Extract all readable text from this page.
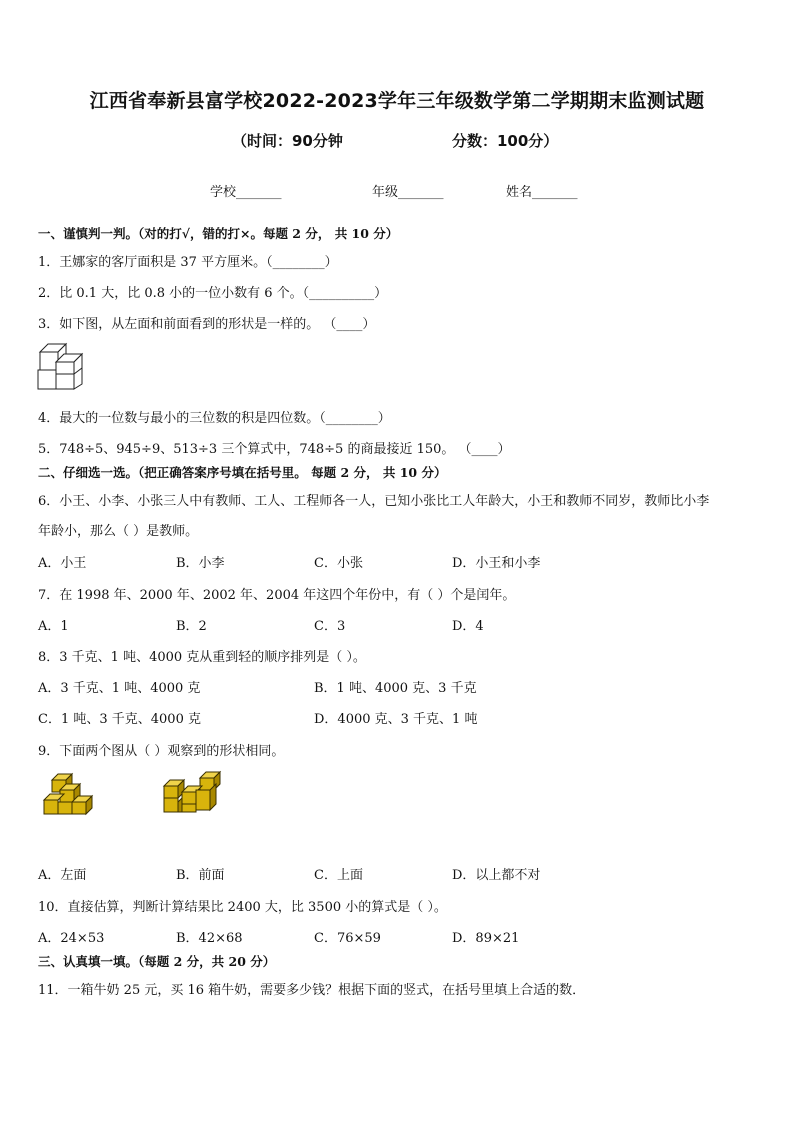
江西省奉新县富学校2022-2023学年三年级数学第二学期期末监测试题
（时间：90分钟	分数：100分）
学校_______	年级_______	姓名_______
一、谨慎判一判。（对的打√，错的打×。每题 2 分， 共 10 分）
1．王娜家的客厅面积是 37 平方厘米。（________）
2．比 0.1 大，比 0.8 小的一位小数有 6 个。（__________）
3．如下图，从左面和前面看到的形状是一样的。 （____）
4．最大的一位数与最小的三位数的积是四位数。（________）
5．748÷5、945÷9、513÷3 三个算式中，748÷5 的商最接近 150。 （____）
二、仔细选一选。（把正确答案序号填在括号里。 每题 2 分， 共 10 分）
6．小王、小李、小张三人中有教师、工人、工程师各一人，已知小张比工人年龄大，小王和教师不同岁，教师比小李
年龄小，那么（ ）是教师。
A．小王	B．小李	C．小张	D．小王和小李
7．在 1998 年、2000 年、2002 年、2004 年这四个年份中，有（ ）个是闰年。
A．1	B．2	C．3	D．4
8．3 千克、1 吨、4000 克从重到轻的顺序排列是（ ）。
A．3 千克、1 吨、4000 克	B．1 吨、4000 克、3 千克
C．1 吨、3 千克、4000 克	D．4000 克、3 千克、1 吨
9．下面两个图从（ ）观察到的形状相同。
A．左面	B．前面	C．上面	D．以上都不对
10．直接估算，判断计算结果比 2400 大，比 3500 小的算式是（ ）。
A．24×53	B．42×68	C．76×59	D．89×21
三、认真填一填。（每题 2 分，共 20 分）
11．一箱牛奶 25 元，买 16 箱牛奶，需要多少钱？根据下面的竖式，在括号里填上合适的数．
